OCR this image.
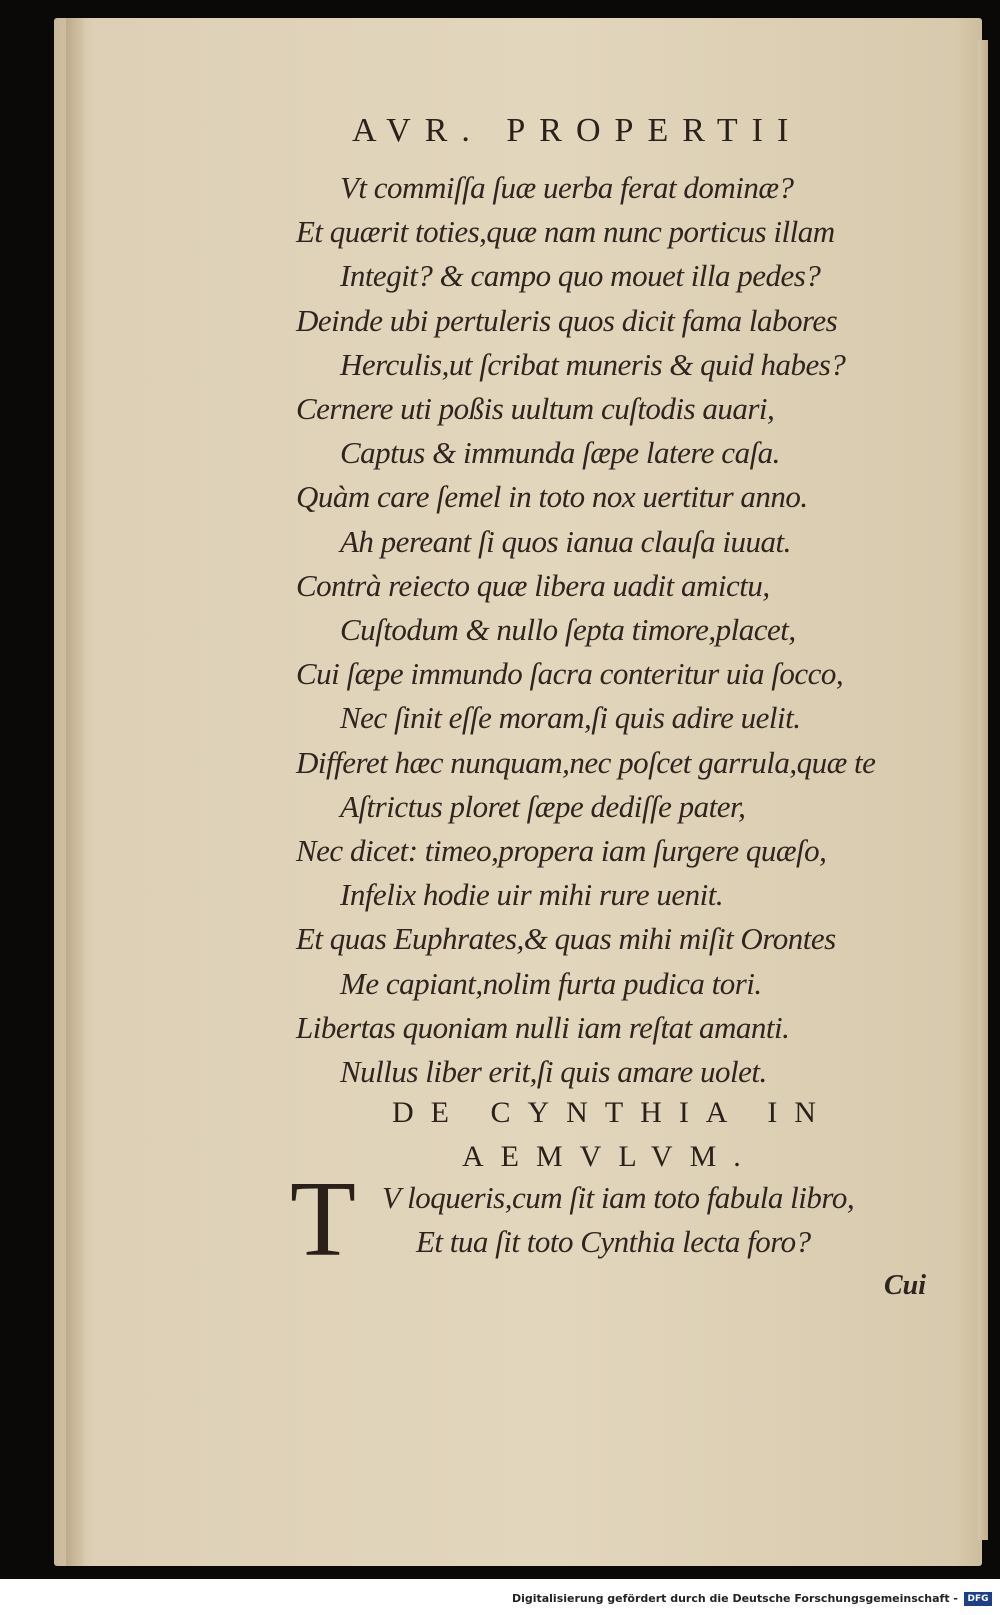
AVR. PROPERTII
Vt commiſſa ſuæ uerba ferat dominæ?
Et quærit toties,quæ nam nunc porticus illam
Integit? & campo quo mouet illa pedes?
Deinde ubi pertuleris quos dicit fama labores
Herculis,ut ſcribat muneris & quid habes?
Cernere uti poßis uultum cuſtodis auari,
Captus & immunda ſæpe latere caſa.
Quàm care ſemel in toto nox uertitur anno.
Ah pereant ſi quos ianua clauſa iuuat.
Contrà reiecto quæ libera uadit amictu,
Cuſtodum & nullo ſepta timore,placet,
Cui ſæpe immundo ſacra conteritur uia ſocco,
Nec ſinit eſſe moram,ſi quis adire uelit.
Differet hæc nunquam,nec poſcet garrula,quæ te
Aſtrictus ploret ſæpe dediſſe pater,
Nec dicet: timeo,propera iam ſurgere quæſo,
Infelix hodie uir mihi rure uenit.
Et quas Euphrates,& quas mihi miſit Orontes
Me capiant,nolim furta pudica tori.
Libertas quoniam nulli iam reſtat amanti.
Nullus liber erit,ſi quis amare uolet.
DE CYNTHIA IN
AEMVLVM.
T V loqueris,cum ſit iam toto fabula libro,
Et tua ſit toto Cynthia lecta foro?
Cui
Digitalisierung gefördert durch die Deutsche Forschungsgemeinschaft -	DFG
